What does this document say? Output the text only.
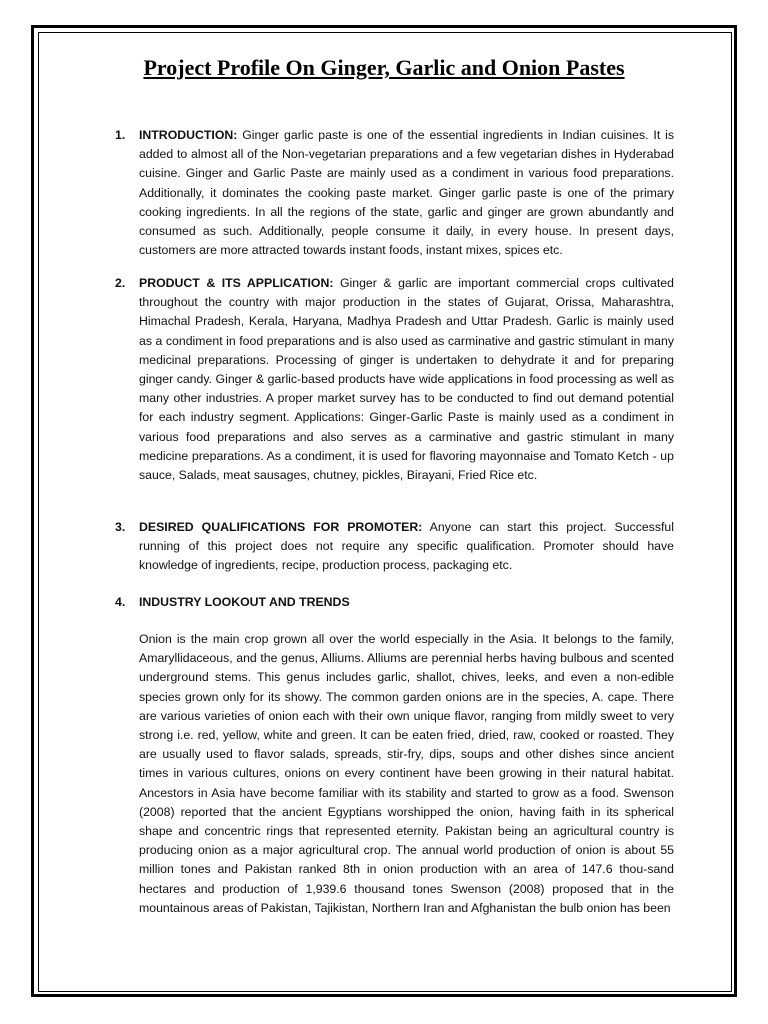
Project Profile On Ginger, Garlic and Onion Pastes
1. INTRODUCTION: Ginger garlic paste is one of the essential ingredients in Indian cuisines. It is added to almost all of the Non-vegetarian preparations and a few vegetarian dishes in Hyderabad cuisine. Ginger and Garlic Paste are mainly used as a condiment in various food preparations. Additionally, it dominates the cooking paste market. Ginger garlic paste is one of the primary cooking ingredients. In all the regions of the state, garlic and ginger are grown abundantly and consumed as such. Additionally, people consume it daily, in every house. In present days, customers are more attracted towards instant foods, instant mixes, spices etc.
2. PRODUCT & ITS APPLICATION: Ginger & garlic are important commercial crops cultivated throughout the country with major production in the states of Gujarat, Orissa, Maharashtra, Himachal Pradesh, Kerala, Haryana, Madhya Pradesh and Uttar Pradesh. Garlic is mainly used as a condiment in food preparations and is also used as carminative and gastric stimulant in many medicinal preparations. Processing of ginger is undertaken to dehydrate it and for preparing ginger candy. Ginger & garlic-based products have wide applications in food processing as well as many other industries. A proper market survey has to be conducted to find out demand potential for each industry segment. Applications: Ginger-Garlic Paste is mainly used as a condiment in various food preparations and also serves as a carminative and gastric stimulant in many medicine preparations. As a condiment, it is used for flavoring mayonnaise and Tomato Ketch - up sauce, Salads, meat sausages, chutney, pickles, Birayani, Fried Rice etc.
3. DESIRED QUALIFICATIONS FOR PROMOTER: Anyone can start this project. Successful running of this project does not require any specific qualification. Promoter should have knowledge of ingredients, recipe, production process, packaging etc.
4. INDUSTRY LOOKOUT AND TRENDS

Onion is the main crop grown all over the world especially in the Asia. It belongs to the family, Amaryllidaceous, and the genus, Alliums. Alliums are perennial herbs having bulbous and scented underground stems. This genus includes garlic, shallot, chives, leeks, and even a non-edible species grown only for its showy. The common garden onions are in the species, A. cape. There are various varieties of onion each with their own unique flavor, ranging from mildly sweet to very strong i.e. red, yellow, white and green. It can be eaten fried, dried, raw, cooked or roasted. They are usually used to flavor salads, spreads, stir-fry, dips, soups and other dishes since ancient times in various cultures, onions on every continent have been growing in their natural habitat. Ancestors in Asia have become familiar with its stability and started to grow as a food. Swenson (2008) reported that the ancient Egyptians worshipped the onion, having faith in its spherical shape and concentric rings that represented eternity. Pakistan being an agricultural country is producing onion as a major agricultural crop. The annual world production of onion is about 55 million tones and Pakistan ranked 8th in onion production with an area of 147.6 thou-sand hectares and production of 1,939.6 thousand tones Swenson (2008) proposed that in the mountainous areas of Pakistan, Tajikistan, Northern Iran and Afghanistan the bulb onion has been
